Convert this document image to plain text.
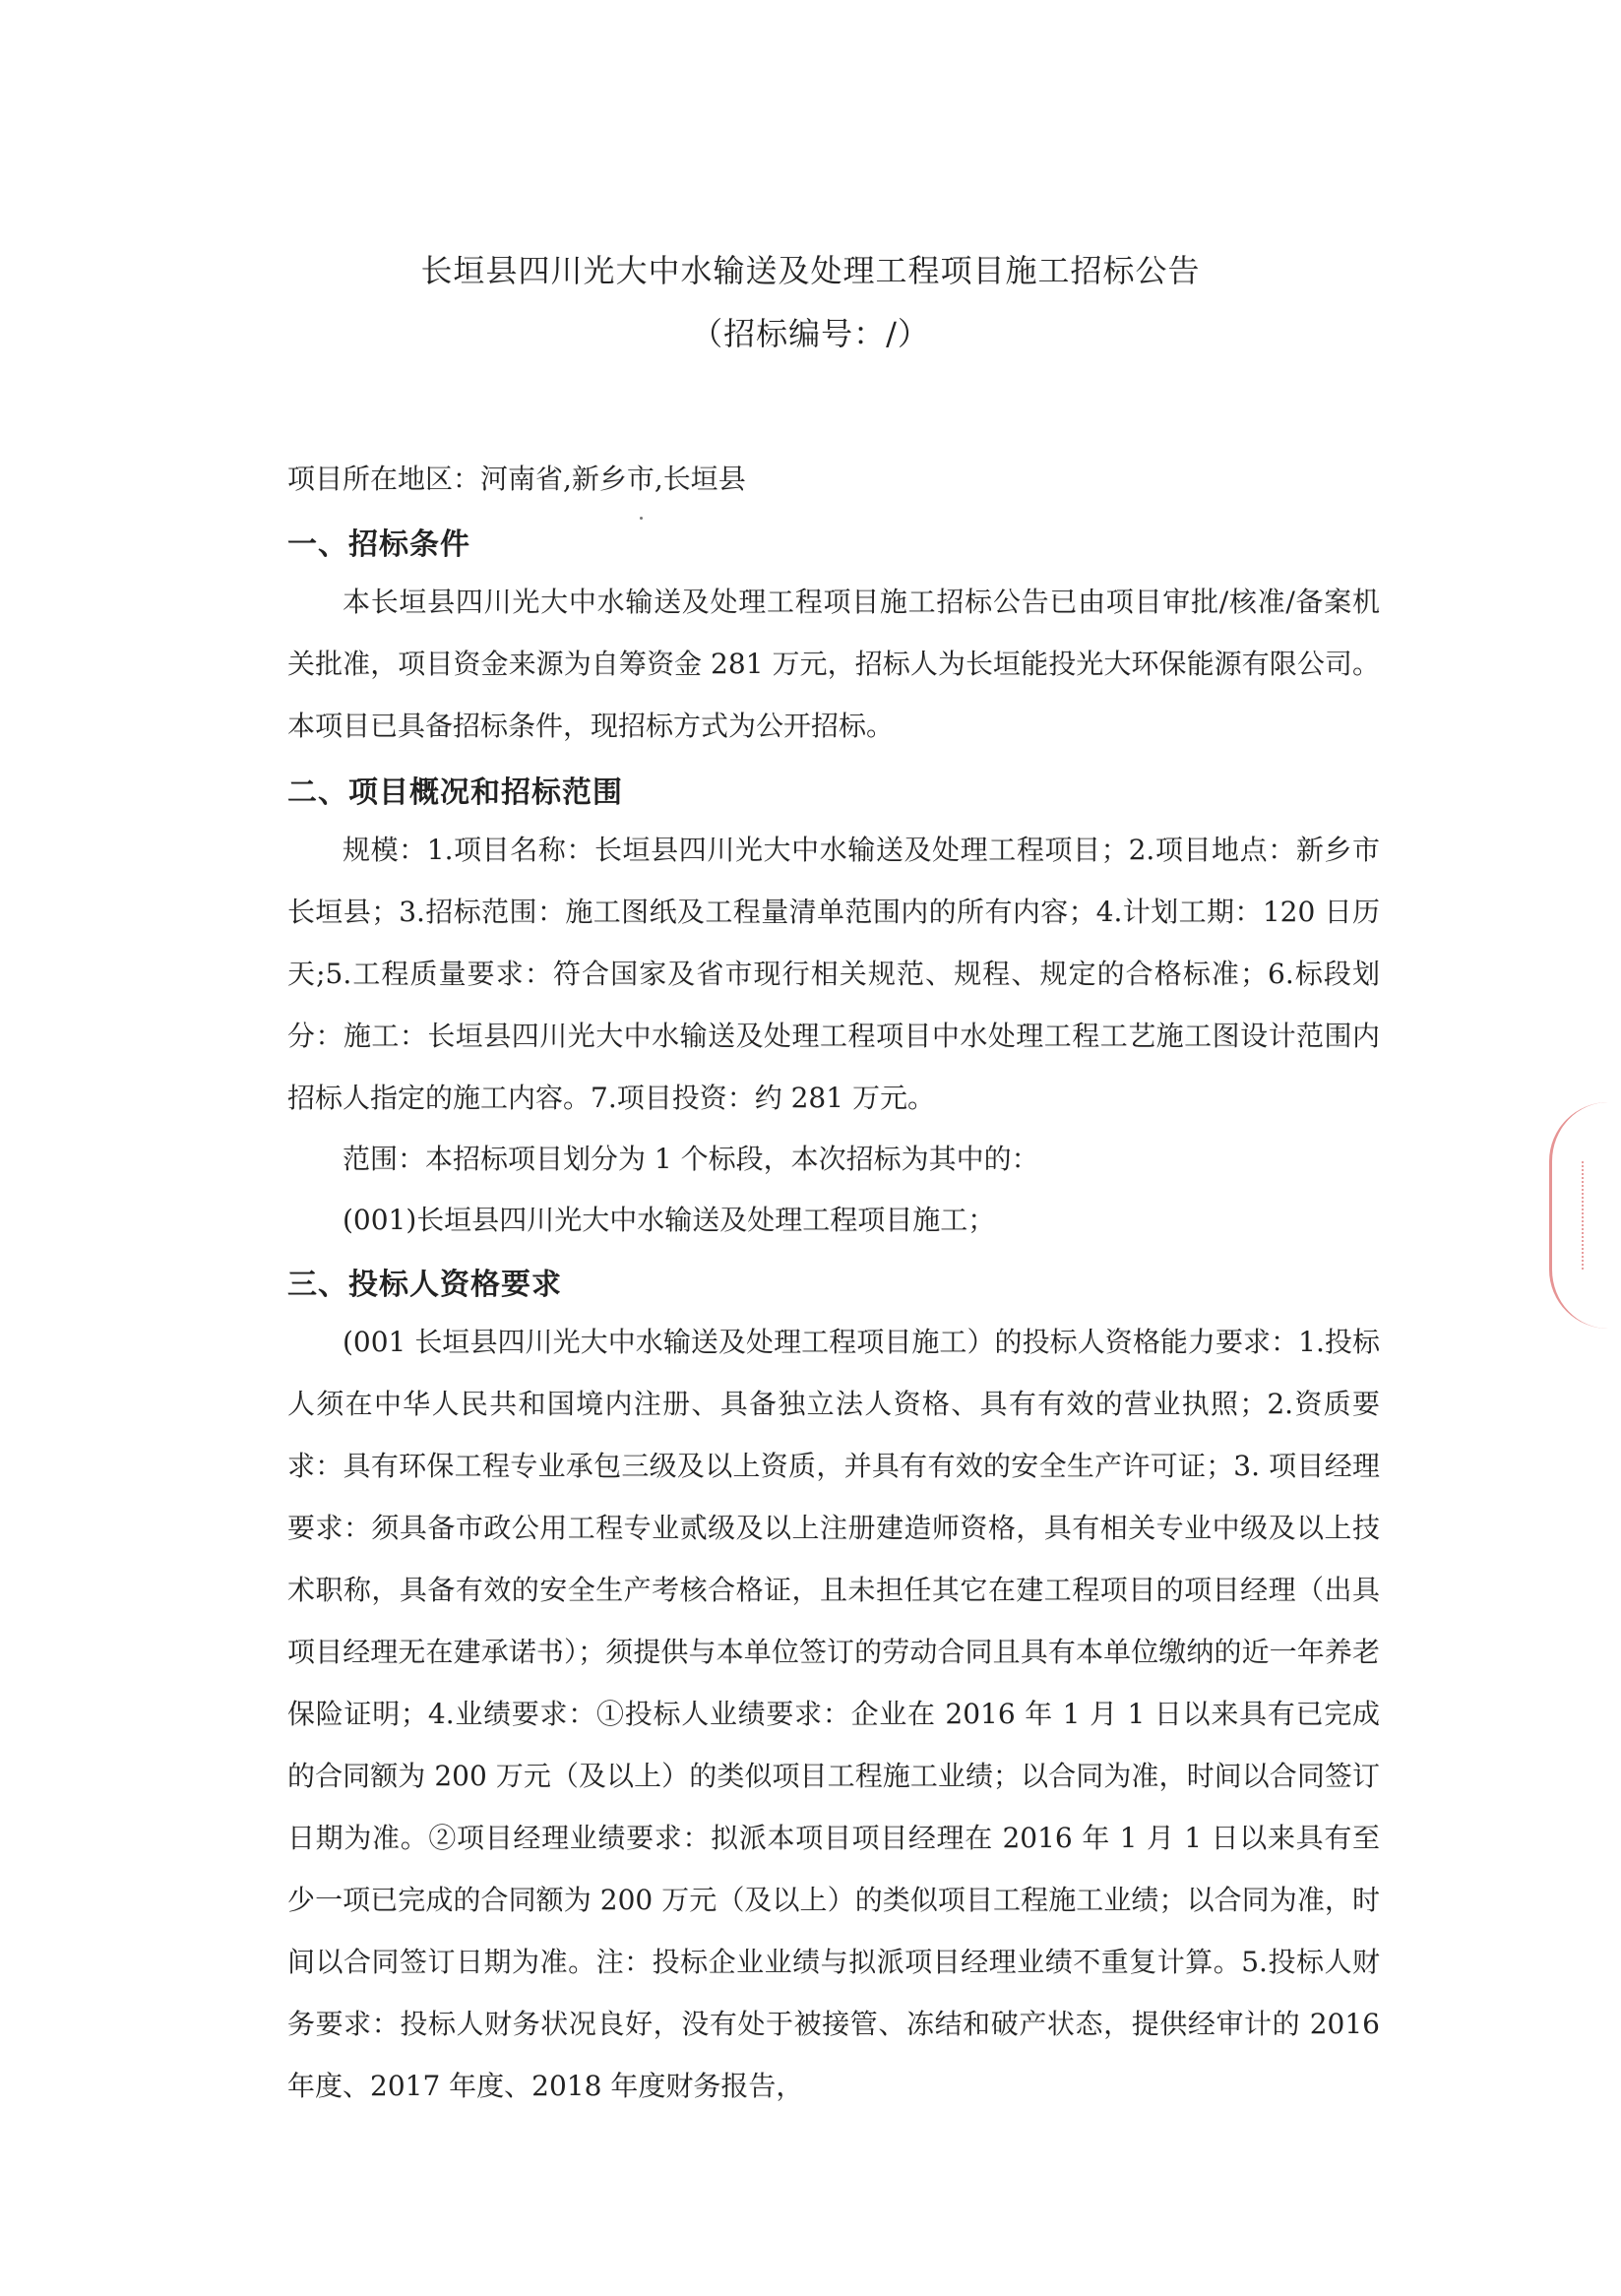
长垣县四川光大中水输送及处理工程项目施工招标公告
（招标编号：/）
项目所在地区：河南省,新乡市,长垣县
一、招标条件

本长垣县四川光大中水输送及处理工程项目施工招标公告已由项目审批/核准/备案机关批准，项目资金来源为自筹资金 281 万元，招标人为长垣能投光大环保能源有限公司。本项目已具备招标条件，现招标方式为公开招标。

二、项目概况和招标范围

规模：1.项目名称：长垣县四川光大中水输送及处理工程项目；2.项目地点：新乡市长垣县；3.招标范围：施工图纸及工程量清单范围内的所有内容；4.计划工期：120 日历天;5.工程质量要求：符合国家及省市现行相关规范、规程、规定的合格标准；6.标段划分：施工：长垣县四川光大中水输送及处理工程项目中水处理工程工艺施工图设计范围内招标人指定的施工内容。7.项目投资：约 281 万元。

范围：本招标项目划分为 1 个标段，本次招标为其中的：

(001)长垣县四川光大中水输送及处理工程项目施工；

三、投标人资格要求

(001 长垣县四川光大中水输送及处理工程项目施工）的投标人资格能力要求：1.投标人须在中华人民共和国境内注册、具备独立法人资格、具有有效的营业执照；2.资质要求：具有环保工程专业承包三级及以上资质，并具有有效的安全生产许可证；3. 项目经理要求：须具备市政公用工程专业贰级及以上注册建造师资格，具有相关专业中级及以上技术职称，具备有效的安全生产考核合格证，且未担任其它在建工程项目的项目经理（出具项目经理无在建承诺书）；须提供与本单位签订的劳动合同且具有本单位缴纳的近一年养老保险证明；4.业绩要求：①投标人业绩要求：企业在 2016 年 1 月 1 日以来具有已完成的合同额为 200 万元（及以上）的类似项目工程施工业绩；以合同为准，时间以合同签订日期为准。②项目经理业绩要求：拟派本项目项目经理在 2016 年 1 月 1 日以来具有至少一项已完成的合同额为 200 万元（及以上）的类似项目工程施工业绩；以合同为准，时间以合同签订日期为准。注：投标企业业绩与拟派项目经理业绩不重复计算。5.投标人财务要求：投标人财务状况良好，没有处于被接管、冻结和破产状态，提供经审计的 2016 年度、2017 年度、2018 年度财务报告，
